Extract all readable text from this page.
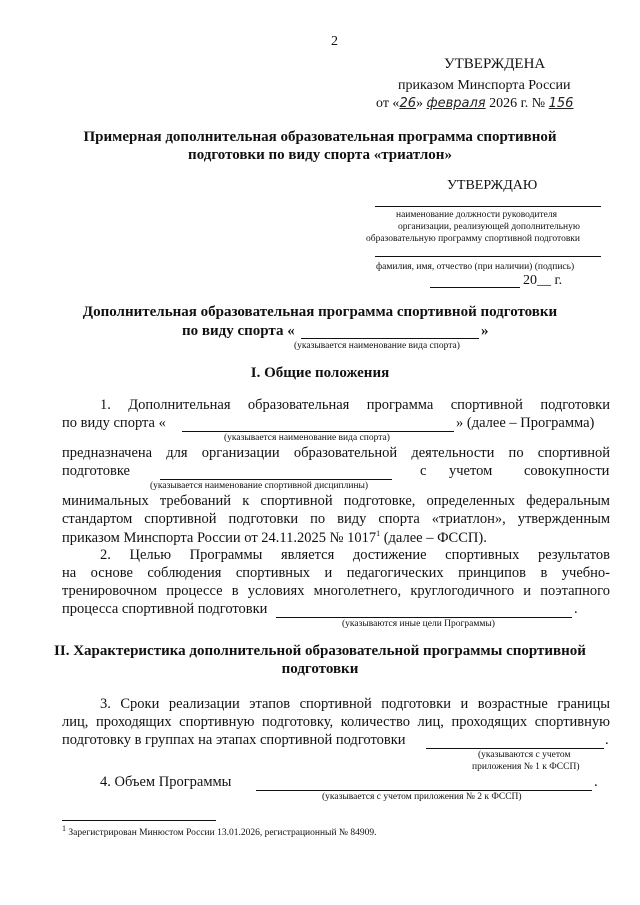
2
УТВЕРЖДЕНА
приказом Минспорта России
от «26» февраля 2026 г. № 156
Примерная дополнительная образовательная программа спортивной
подготовки по виду спорта «триатлон»
УТВЕРЖДАЮ
наименование должности руководителя
организации, реализующей дополнительную
образовательную программу спортивной подготовки
фамилия, имя, отчество (при наличии) (подпись)
20__ г.
Дополнительная образовательная программа спортивной подготовки
по виду спорта «	»
(указывается наименование вида спорта)
I. Общие положения
1. Дополнительная образовательная программа спортивной подготовки
по виду спорта «	» (далее – Программа)
(указывается наименование вида спорта)
предназначена для организации образовательной деятельности по спортивной
подготовке	с учетом совокупности
(указывается наименование спортивной дисциплины)
минимальных требований к спортивной подготовке, определенных федеральным
стандартом спортивной подготовки по виду спорта «триатлон», утвержденным
приказом Минспорта России от 24.11.2025 № 1017$^1$ (далее – ФССП).
2. Целью Программы является достижение спортивных результатов
на основе соблюдения спортивных и педагогических принципов в учебно-
тренировочном процессе в условиях многолетнего, круглогодичного и поэтапного
процесса спортивной подготовки	.
(указываются иные цели Программы)
II. Характеристика дополнительной образовательной программы спортивной
подготовки
3. Сроки реализации этапов спортивной подготовки и возрастные границы
лиц, проходящих спортивную подготовку, количество лиц, проходящих спортивную
подготовку в группах на этапах спортивной подготовки	.
(указываются с учетом
приложения № 1 к ФССП)
4. Объем Программы	.
(указывается с учетом приложения № 2 к ФССП)
$^1$ Зарегистрирован Минюстом России 13.01.2026, регистрационный № 84909.
